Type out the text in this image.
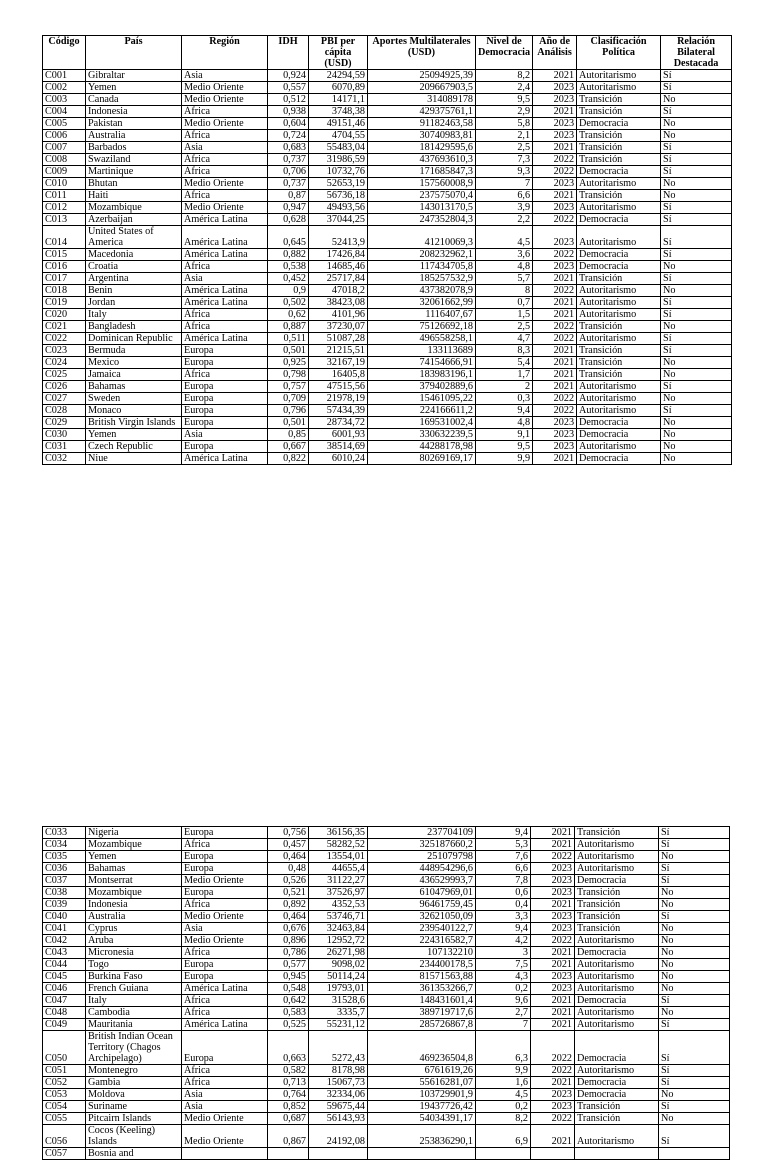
Código	País	Región	IDH	PBI per cápita (USD)	Aportes Multilaterales (USD)	Nivel de Democracia	Año de Análisis	Clasificación Política	Relación Bilateral Destacada
C001	Gibraltar	Asia	0,924	24294,59	25094925,39	8,2	2021	Autoritarismo	Sí
C002	Yemen	Medio Oriente	0,557	6070,89	209667903,5	2,4	2023	Autoritarismo	Sí
C003	Canada	Medio Oriente	0,512	14171,1	314089178	9,5	2023	Transición	No
C004	Indonesia	África	0,938	3748,38	429375761,1	2,9	2021	Transición	Sí
C005	Pakistan	Medio Oriente	0,604	49151,46	91182463,58	5,8	2023	Democracia	No
C006	Australia	África	0,724	4704,55	30740983,81	2,1	2023	Transición	No
C007	Barbados	Asia	0,683	55483,04	181429595,6	2,5	2021	Transición	Sí
C008	Swaziland	África	0,737	31986,59	437693610,3	7,3	2022	Transición	Sí
C009	Martinique	África	0,706	10732,76	171685847,3	9,3	2022	Democracia	Sí
C010	Bhutan	Medio Oriente	0,737	52653,19	157560008,9	7	2023	Autoritarismo	No
C011	Haiti	África	0,87	56736,18	237575070,4	6,6	2021	Transición	No
C012	Mozambique	Medio Oriente	0,947	49493,56	143013170,5	3,9	2023	Autoritarismo	Sí
C013	Azerbaijan	América Latina	0,628	37044,25	247352804,3	2,2	2022	Democracia	Sí
C014	United States of America	América Latina	0,645	52413,9	41210069,3	4,5	2023	Autoritarismo	Sí
C015	Macedonia	América Latina	0,882	17426,84	208232962,1	3,6	2022	Democracia	Sí
C016	Croatia	África	0,538	14685,46	117434705,8	4,8	2023	Democracia	No
C017	Argentina	Asia	0,452	25717,84	185257532,9	5,7	2021	Transición	Sí
C018	Benin	América Latina	0,9	47018,2	437382078,9	8	2022	Autoritarismo	No
C019	Jordan	América Latina	0,502	38423,08	32061662,99	0,7	2021	Autoritarismo	Sí
C020	Italy	África	0,62	4101,96	1116407,67	1,5	2021	Autoritarismo	Sí
C021	Bangladesh	África	0,887	37230,07	75126692,18	2,5	2022	Transición	No
C022	Dominican Republic	América Latina	0,511	51087,28	496558258,1	4,7	2022	Autoritarismo	Sí
C023	Bermuda	Europa	0,501	21215,51	133113689	8,3	2021	Transición	Sí
C024	Mexico	Europa	0,925	32167,19	74154666,91	5,4	2021	Transición	No
C025	Jamaica	África	0,798	16405,8	183983196,1	1,7	2021	Transición	No
C026	Bahamas	Europa	0,757	47515,56	379402889,6	2	2021	Autoritarismo	Sí
C027	Sweden	Europa	0,709	21978,19	15461095,22	0,3	2022	Autoritarismo	No
C028	Monaco	Europa	0,796	57434,39	224166611,2	9,4	2022	Autoritarismo	Sí
C029	British Virgin Islands	Europa	0,501	28734,72	169531002,4	4,8	2023	Democracia	No
C030	Yemen	Asia	0,85	6001,93	330632239,5	9,1	2023	Democracia	No
C031	Czech Republic	Europa	0,667	38514,69	44288178,98	9,5	2023	Autoritarismo	No
C032	Niue	América Latina	0,822	6010,24	80269169,17	9,9	2021	Democracia	No
C033	Nigeria	Europa	0,756	36156,35	237704109	9,4	2021	Transición	Sí
C034	Mozambique	África	0,457	58282,52	325187660,2	5,3	2021	Autoritarismo	Sí
C035	Yemen	Europa	0,464	13554,01	251079798	7,6	2022	Autoritarismo	No
C036	Bahamas	Europa	0,48	44655,4	448954296,6	6,6	2023	Autoritarismo	Sí
C037	Montserrat	Medio Oriente	0,526	31122,27	436529993,7	7,8	2023	Democracia	Sí
C038	Mozambique	Europa	0,521	37526,97	61047969,01	0,6	2023	Transición	No
C039	Indonesia	África	0,892	4352,53	96461759,45	0,4	2021	Transición	No
C040	Australia	Medio Oriente	0,464	53746,71	32621050,09	3,3	2023	Transición	Sí
C041	Cyprus	Asia	0,676	32463,84	239540122,7	9,4	2023	Transición	No
C042	Aruba	Medio Oriente	0,896	12952,72	224316582,7	4,2	2022	Autoritarismo	No
C043	Micronesia	África	0,786	26271,98	107132210	3	2021	Democracia	No
C044	Togo	Europa	0,577	9098,02	234400178,5	7,5	2021	Autoritarismo	No
C045	Burkina Faso	Europa	0,945	50114,24	81571563,88	4,3	2023	Autoritarismo	No
C046	French Guiana	América Latina	0,548	19793,01	361353266,7	0,2	2023	Autoritarismo	No
C047	Italy	África	0,642	31528,6	148431601,4	9,6	2021	Democracia	Sí
C048	Cambodia	África	0,583	3335,7	389719717,6	2,7	2021	Autoritarismo	No
C049	Mauritania	América Latina	0,525	55231,12	285726867,8	7	2021	Autoritarismo	Sí
C050	British Indian Ocean Territory (Chagos Archipelago)	Europa	0,663	5272,43	469236504,8	6,3	2022	Democracia	Sí
C051	Montenegro	África	0,582	8178,98	6761619,26	9,9	2022	Autoritarismo	Sí
C052	Gambia	África	0,713	15067,73	55616281,07	1,6	2021	Democracia	Sí
C053	Moldova	Asia	0,764	32334,06	103729901,9	4,5	2023	Democracia	No
C054	Suriname	Asia	0,852	59675,44	19437726,42	0,2	2023	Transición	Sí
C055	Pitcairn Islands	Medio Oriente	0,687	56143,93	54034391,17	8,2	2022	Transición	No
C056	Cocos (Keeling) Islands	Medio Oriente	0,867	24192,08	253836290,1	6,9	2021	Autoritarismo	Sí
C057	Bosnia and								
